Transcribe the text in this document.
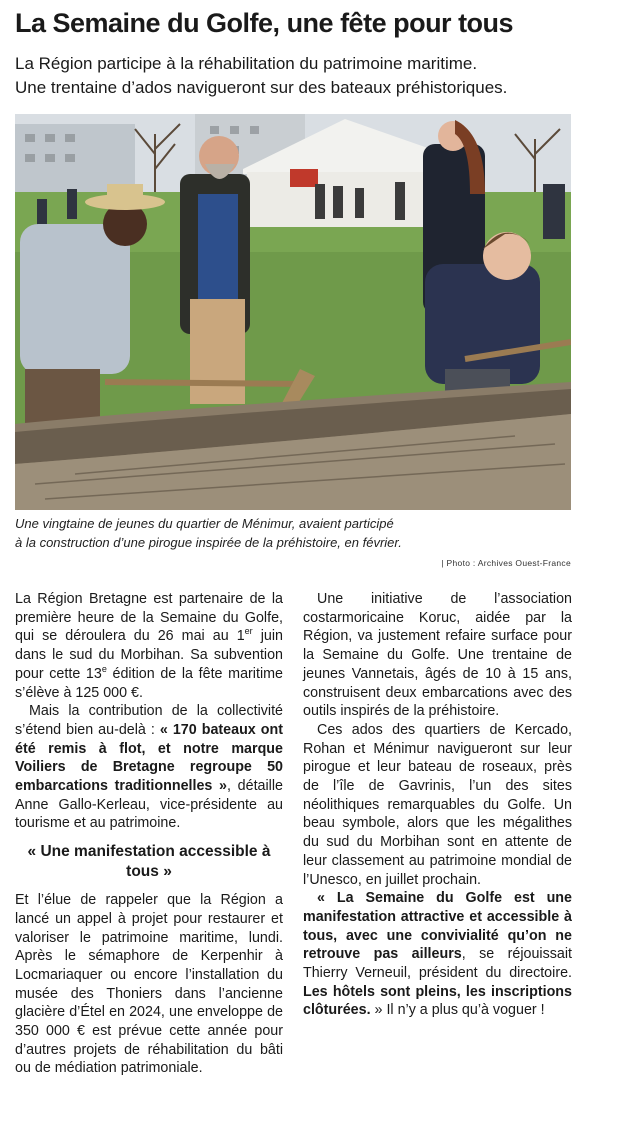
La Semaine du Golfe, une fête pour tous
La Région participe à la réhabilitation du patrimoine maritime.
Une trentaine d’ados navigueront sur des bateaux préhistoriques.
Une vingtaine de jeunes du quartier de Ménimur, avaient participé
à la construction d’une pirogue inspirée de la préhistoire, en février.
| Photo : Archives Ouest-France

La Région Bretagne est partenaire de la première heure de la Semaine du Golfe, qui se déroulera du 26 mai au 1er juin dans le sud du Morbihan. Sa subvention pour cette 13e édition de la fête maritime s’élève à 125 000 €.

Mais la contribution de la collectivité s’étend bien au-delà : « 170 bateaux ont été remis à flot, et notre marque Voiliers de Bretagne regroupe 50 embarcations traditionnelles », détaille Anne Gallo-Kerleau, vice-présidente au tourisme et au patrimoine.

« Une manifestation accessible à tous »

Et l’élue de rappeler que la Région a lancé un appel à projet pour restaurer et valoriser le patrimoine maritime, lundi. Après le sémaphore de Kerpenhir à Locmariaquer ou encore l’installation du musée des Thoniers dans l’ancienne glacière d’Étel en 2024, une enveloppe de 350 000 € est prévue cette année pour d’autres projets de réhabilitation du bâti ou de médiation patrimoniale.

Une initiative de l’association costarmoricaine Koruc, aidée par la Région, va justement refaire surface pour la Semaine du Golfe. Une trentaine de jeunes Vannetais, âgés de 10 à 15 ans, construisent deux embarcations avec des outils inspirés de la préhistoire.

Ces ados des quartiers de Kercado, Rohan et Ménimur navigueront sur leur pirogue et leur bateau de roseaux, près de l’île de Gavrinis, l’un des sites néolithiques remarquables du Golfe. Un beau symbole, alors que les mégalithes du sud du Morbihan sont en attente de leur classement au patrimoine mondial de l’Unesco, en juillet prochain.

« La Semaine du Golfe est une manifestation attractive et accessible à tous, avec une convivialité qu’on ne retrouve pas ailleurs, se réjouissait Thierry Verneuil, président du directoire. Les hôtels sont pleins, les inscriptions clôturées. » Il n’y a plus qu’à voguer !
